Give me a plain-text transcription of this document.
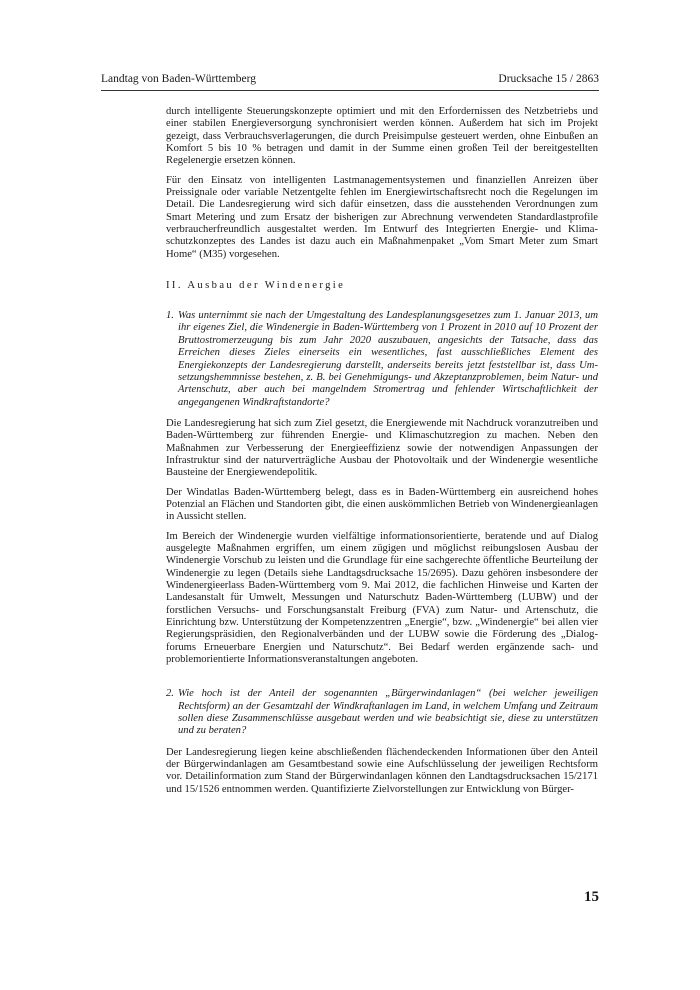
Landtag von Baden-Württemberg	Drucksache 15 / 2863

durch intelligente Steuerungskonzepte optimiert und mit den Erfordernissen des Netzbetriebs und einer stabilen Energieversorgung synchronisiert werden können. Außerdem hat sich im Projekt gezeigt, dass Verbrauchsverlagerungen, die durch Preisimpulse gesteuert werden, ohne Einbußen an Komfort 5 bis 10 % betragen und damit in der Summe einen großen Teil der bereitgestellten Regelenergie ersetzen können.

Für den Einsatz von intelligenten Lastmanagementsystemen und finanziellen Anreizen über Preissignale oder variable Netzentgelte fehlen im Energiewirtschaftsrecht noch die Regelungen im Detail. Die Landesregierung wird sich dafür einsetzen, dass die ausstehenden Verordnungen zum Smart Metering und zum Ersatz der bisherigen zur Abrechnung verwendeten Standardlastprofile verbraucherfreundlich ausgestaltet werden. Im Entwurf des Integrierten Energie- und Klimaschutzkonzeptes des Landes ist dazu auch ein Maßnahmenpaket „Vom Smart Meter zum Smart Home“ (M35) vorgesehen.

II. Ausbau der Windenergie
1. Was unternimmt sie nach der Umgestaltung des Landesplanungsgesetzes zum 1. Januar 2013, um ihr eigenes Ziel, die Windenergie in Baden-Württemberg von 1 Prozent in 2010 auf 10 Prozent der Bruttostromerzeugung bis zum Jahr 2020 auszubauen, angesichts der Tatsache, dass das Erreichen dieses Zieles einerseits ein wesentliches, fast ausschließliches Element des Energiekonzepts der Landesregierung darstellt, anderseits bereits jetzt feststellbar ist, dass Umsetzungshemmnisse bestehen, z. B. bei Genehmigungs- und Akzeptanzproblemen, beim Natur- und Artenschutz, aber auch bei mangelndem Stromertrag und fehlender Wirtschaftlichkeit der angegangenen Windkraftstandorte?

Die Landesregierung hat sich zum Ziel gesetzt, die Energiewende mit Nachdruck voranzutreiben und Baden-Württemberg zur führenden Energie- und Klimaschutzregion zu machen. Neben den Maßnahmen zur Verbesserung der Energieeffizienz sowie der notwendigen Anpassungen der Infrastruktur sind der naturverträgliche Ausbau der Photovoltaik und der Windenergie wesentliche Bausteine der Energiewendepolitik.

Der Windatlas Baden-Württemberg belegt, dass es in Baden-Württemberg ein ausreichend hohes Potenzial an Flächen und Standorten gibt, die einen auskömmlichen Betrieb von Windenergieanlagen in Aussicht stellen.

Im Bereich der Windenergie wurden vielfältige informationsorientierte, beratende und auf Dialog ausgelegte Maßnahmen ergriffen, um einem zügigen und möglichst reibungslosen Ausbau der Windenergie Vorschub zu leisten und die Grundlage für eine sachgerechte öffentliche Beurteilung der Windenergie zu legen (Details siehe Landtagsdrucksache 15/2695). Dazu gehören insbesondere der Windenergieerlass Baden-Württemberg vom 9. Mai 2012, die fachlichen Hinweise und Karten der Landesanstalt für Umwelt, Messungen und Naturschutz Baden-Württemberg (LUBW) und der forstlichen Versuchs- und Forschungsanstalt Freiburg (FVA) zum Natur- und Artenschutz, die Einrichtung bzw. Unterstützung der Kompetenzzentren „Energie“, bzw. „Windenergie“ bei allen vier Regierungspräsidien, den Regionalverbänden und der LUBW sowie die Förderung des „Dialogforums Erneuerbare Energien und Naturschutz“. Bei Bedarf werden ergänzende sach- und problemorientierte Informationsveranstaltungen angeboten.

2. Wie hoch ist der Anteil der sogenannten „Bürgerwindanlagen“ (bei welcher jeweiligen Rechtsform) an der Gesamtzahl der Windkraftanlagen im Land, in welchem Umfang und Zeitraum sollen diese Zusammenschlüsse ausgebaut werden und wie beabsichtigt sie, diese zu unterstützen und zu beraten?

Der Landesregierung liegen keine abschließenden flächendeckenden Informationen über den Anteil der Bürgerwindanlagen am Gesamtbestand sowie eine Aufschlüsselung der jeweiligen Rechtsform vor. Detailinformation zum Stand der Bürgerwindanlagen können den Landtagsdrucksachen 15/2171 und 15/1526 entnommen werden. Quantifizierte Zielvorstellungen zur Entwicklung von Bürger-

15
